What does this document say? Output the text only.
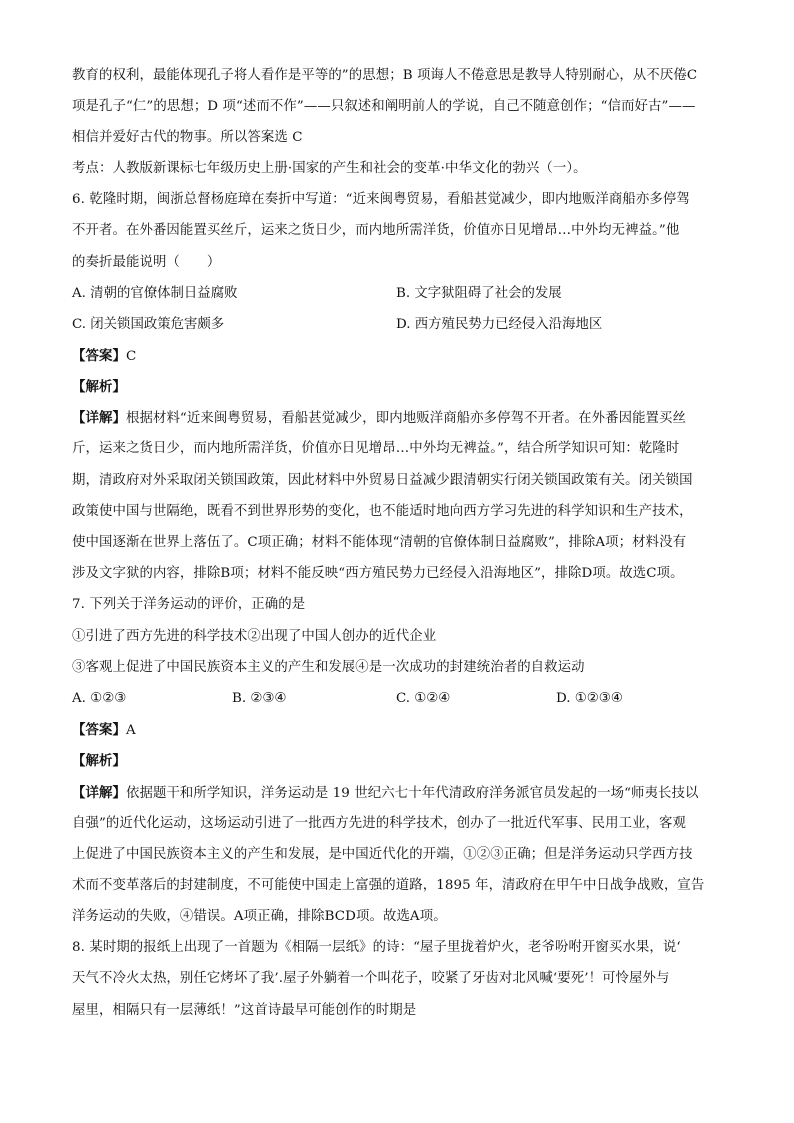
教育的权利，最能体现孔子将人看作是平等的”的思想；B 项诲人不倦意思是教导人特别耐心，从不厌倦C
项是孔子“仁”的思想；D 项“述而不作”——只叙述和阐明前人的学说，自己不随意创作；“信而好古”——
相信并爱好古代的物事。所以答案选 C
考点：人教版新课标七年级历史上册·国家的产生和社会的变革·中华文化的勃兴（一）。
6. 乾隆时期，闽浙总督杨庭璋在奏折中写道：“近来闽粤贸易，看船甚觉减少，即内地贩洋商船亦多停驾
不开者。在外番因能置买丝斤，运来之货日少，而内地所需洋货，价值亦日见增昂…中外均无裨益。”他
的奏折最能说明（　　）
A. 清朝的官僚体制日益腐败	B. 文字狱阻碍了社会的发展
C. 闭关锁国政策危害颇多	D. 西方殖民势力已经侵入沿海地区
【答案】C
【解析】
【详解】根据材料“近来闽粤贸易，看船甚觉减少，即内地贩洋商船亦多停驾不开者。在外番因能置买丝
斤，运来之货日少，而内地所需洋货，价值亦日见增昂…中外均无裨益。”，结合所学知识可知：乾隆时
期，清政府对外采取闭关锁国政策，因此材料中外贸易日益减少跟清朝实行闭关锁国政策有关。闭关锁国
政策使中国与世隔绝，既看不到世界形势的变化，也不能适时地向西方学习先进的科学知识和生产技术，
使中国逐渐在世界上落伍了。C项正确；材料不能体现“清朝的官僚体制日益腐败”，排除A项；材料没有
涉及文字狱的内容，排除B项；材料不能反映“西方殖民势力已经侵入沿海地区”，排除D项。故选C项。
7. 下列关于洋务运动的评价，正确的是
①引进了西方先进的科学技术②出现了中国人创办的近代企业
③客观上促进了中国民族资本主义的产生和发展④是一次成功的封建统治者的自救运动
A. ①②③	B. ②③④	C. ①②④	D. ①②③④
【答案】A
【解析】
【详解】依据题干和所学知识，洋务运动是 19 世纪六七十年代清政府洋务派官员发起的一场“师夷长技以
自强”的近代化运动，这场运动引进了一批西方先进的科学技术，创办了一批近代军事、民用工业，客观
上促进了中国民族资本主义的产生和发展，是中国近代化的开端，①②③正确；但是洋务运动只学西方技
术而不变革落后的封建制度，不可能使中国走上富强的道路，1895 年，清政府在甲午中日战争战败，宣告
洋务运动的失败，④错误。A项正确，排除BCD项。故选A项。
8. 某时期的报纸上出现了一首题为《相隔一层纸》的诗：“屋子里拢着炉火，老爷吩咐开窗买水果，说‘
天气不冷火太热，别任它烤坏了我’.屋子外躺着一个叫花子，咬紧了牙齿对北风喊‘要死’！可怜屋外与
屋里，相隔只有一层薄纸！”这首诗最早可能创作的时期是
